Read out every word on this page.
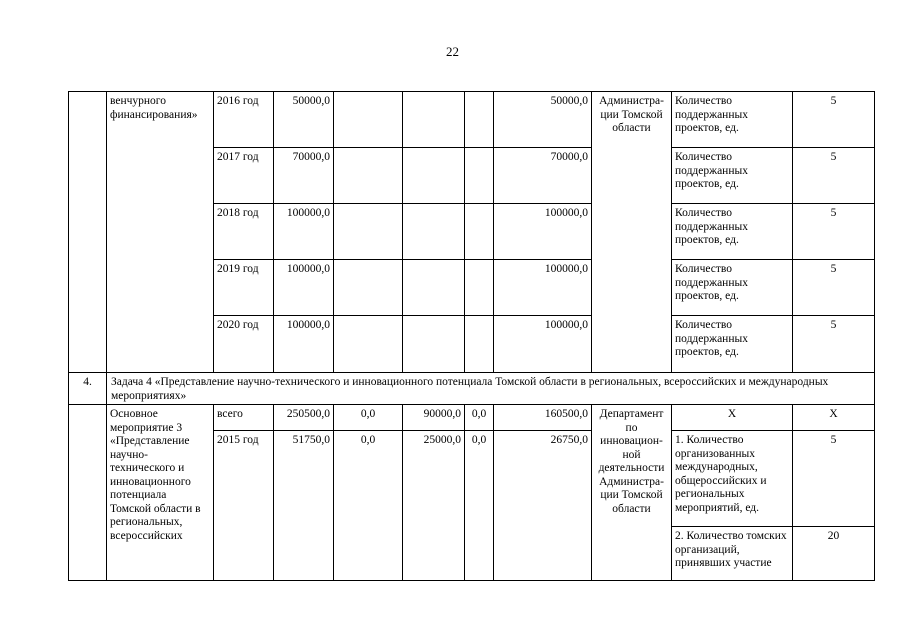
22
	венчурного финансирования»	2016 год	50000,0				50000,0	Администра-ции Томской области	Количество поддержанных проектов, ед.	5
		2017 год	70000,0				70000,0		Количество поддержанных проектов, ед.	5
		2018 год	100000,0				100000,0		Количество поддержанных проектов, ед.	5
		2019 год	100000,0				100000,0		Количество поддержанных проектов, ед.	5
		2020 год	100000,0				100000,0		Количество поддержанных проектов, ед.	5
4.	Задача 4 «Представление научно-технического и инновационного потенциала Томской области в региональных, всероссийских и международных мероприятиях»									
	Основное мероприятие 3 «Представление научно-технического и инновационного потенциала Томской области в региональных, всероссийских	всего	250500,0	0,0	90000,0	0,0	160500,0	Департамент по инновацион-ной деятельности Администра-ции Томской области	Х	Х
		2015 год	51750,0	0,0	25000,0	0,0	26750,0		1. Количество организованных международных, общероссийских и региональных мероприятий, ед.	5
									2. Количество томских организаций, принявших участие	20
